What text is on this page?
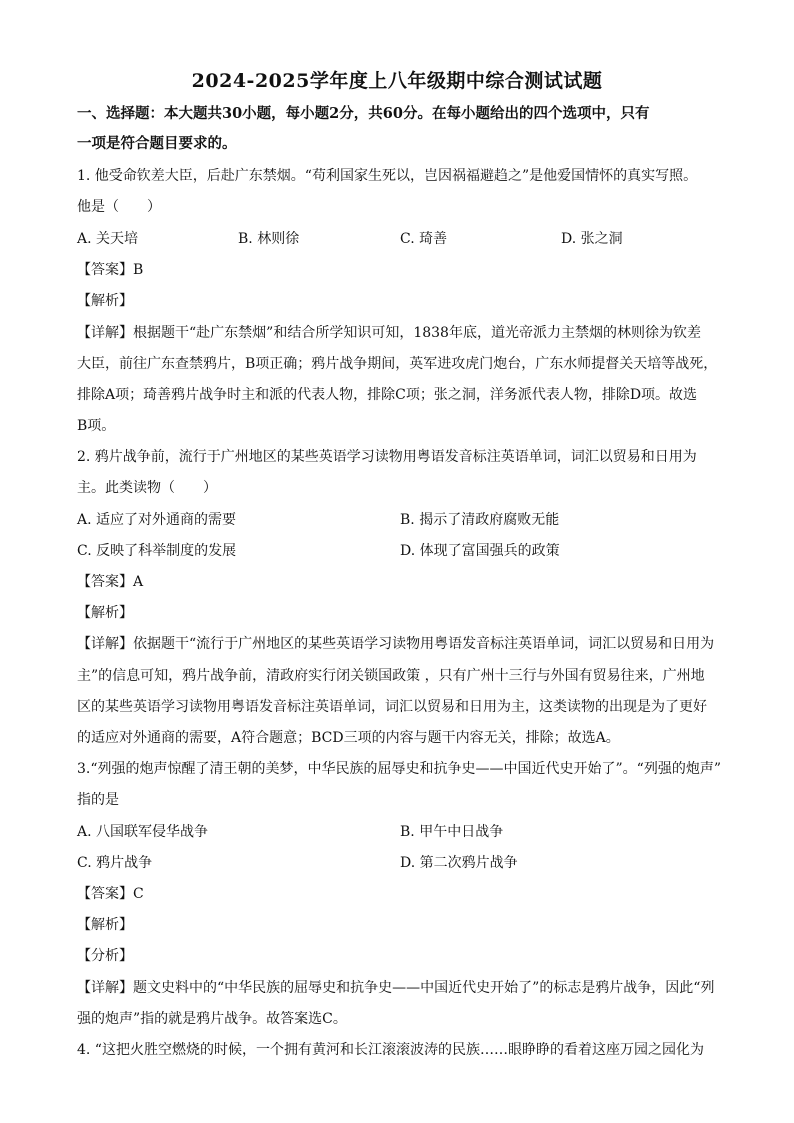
2024-2025学年度上八年级期中综合测试试题
一、选择题：本大题共30小题，每小题2分，共60分。在每小题给出的四个选项中，只有
一项是符合题目要求的。
1. 他受命钦差大臣，后赴广东禁烟。“苟利国家生死以，岂因祸福避趋之”是他爱国情怀的真实写照。
他是（　　）
A. 关天培	B. 林则徐	C. 琦善	D. 张之洞
【答案】B
【解析】
【详解】根据题干“赴广东禁烟”和结合所学知识可知，1838年底，道光帝派力主禁烟的林则徐为钦差
大臣，前往广东查禁鸦片，B项正确；鸦片战争期间，英军进攻虎门炮台，广东水师提督关天培等战死，
排除A项；琦善鸦片战争时主和派的代表人物，排除C项；张之洞，洋务派代表人物，排除D项。故选
B项。
2. 鸦片战争前，流行于广州地区的某些英语学习读物用粤语发音标注英语单词，词汇以贸易和日用为
主。此类读物（　　）
A. 适应了对外通商的需要	B. 揭示了清政府腐败无能
C. 反映了科举制度的发展	D. 体现了富国强兵的政策
【答案】A
【解析】
【详解】依据题干“流行于广州地区的某些英语学习读物用粤语发音标注英语单词，词汇以贸易和日用为
主”的信息可知，鸦片战争前，清政府实行闭关锁国政策 ，只有广州十三行与外国有贸易往来，广州地
区的某些英语学习读物用粤语发音标注英语单词，词汇以贸易和日用为主，这类读物的出现是为了更好
的适应对外通商的需要，A符合题意；BCD三项的内容与题干内容无关，排除；故选A。
3.“列强的炮声惊醒了清王朝的美梦，中华民族的屈辱史和抗争史——中国近代史开始了”。“列强的炮声”
指的是
A. 八国联军侵华战争	B. 甲午中日战争
C. 鸦片战争	D. 第二次鸦片战争
【答案】C
【解析】
【分析】
【详解】题文史料中的“中华民族的屈辱史和抗争史——中国近代史开始了”的标志是鸦片战争，因此“列
强的炮声”指的就是鸦片战争。故答案选C。
4. “这把火胜空燃烧的时候，一个拥有黄河和长江滚滚波涛的民族……眼睁睁的看着这座万园之园化为
